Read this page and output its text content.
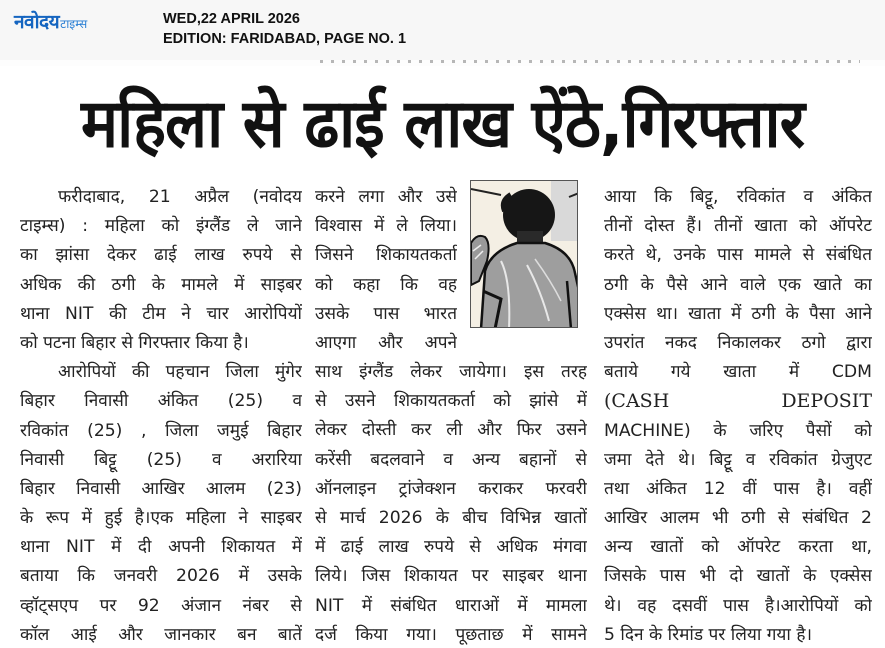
नवोदय टाइम्स	WED,22 APRIL 2026
EDITION: FARIDABAD, PAGE NO. 1
महिला से ढाई लाख ऐंठे,गिरफ्तार
फरीदाबाद, 21 अप्रैल (नवोदय
टाइम्स) : महिला को इंग्लैंड ले जाने
का झांसा देकर ढाई लाख रुपये से
अधिक की ठगी के मामले में साइबर
थाना NIT की टीम ने चार आरोपियों
को पटना बिहार से गिरफ्तार किया है।
आरोपियों की पहचान जिला मुंगेर
बिहार निवासी अंकित (25) व
रविकांत (25) , जिला जमुई बिहार
निवासी बिट्टू (25) व अरारिया
बिहार निवासी आखिर आलम (23)
के रूप में हुई है।एक महिला ने साइबर
थाना NIT में दी अपनी शिकायत में
बताया कि जनवरी 2026 में उसके
व्हॉट्सएप पर 92 अंजान नंबर से
कॉल आई और जानकार बन बातें
करने लगा और उसे
विश्वास में ले लिया।
जिसने शिकायतकर्ता
को कहा कि वह
उसके पास भारत
आएगा और अपने
साथ इंग्लैंड लेकर जायेगा। इस तरह
से उसने शिकायतकर्ता को झांसे में
लेकर दोस्ती कर ली और फिर उसने
करेंसी बदलवाने व अन्य बहानों से
ऑनलाइन ट्रांजेक्शन कराकर फरवरी
से मार्च 2026 के बीच विभिन्न खातों
में ढाई लाख रुपये से अधिक मंगवा
लिये। जिस शिकायत पर साइबर थाना
NIT में संबंधित धाराओं में मामला
दर्ज किया गया। पूछताछ में सामने
आया कि बिट्टू, रविकांत व अंकित
तीनों दोस्त हैं। तीनों खाता को ऑपरेट
करते थे, उनके पास मामले से संबंधित
ठगी के पैसे आने वाले एक खाते का
एक्सेस था। खाता में ठगी के पैसा आने
उपरांत नकद निकालकर ठगो द्वारा
बताये गये खाता में CDM
(CASH DEPOSIT
MACHINE) के जरिए पैसों को
जमा देते थे। बिट्टू व रविकांत ग्रेजुएट
तथा अंकित 12 वीं पास है। वहीं
आखिर आलम भी ठगी से संबंधित 2
अन्य खातों को ऑपरेट करता था,
जिसके पास भी दो खातों के एक्सेस
थे। वह दसवीं पास है।आरोपियों को
5 दिन के रिमांड पर लिया गया है।
